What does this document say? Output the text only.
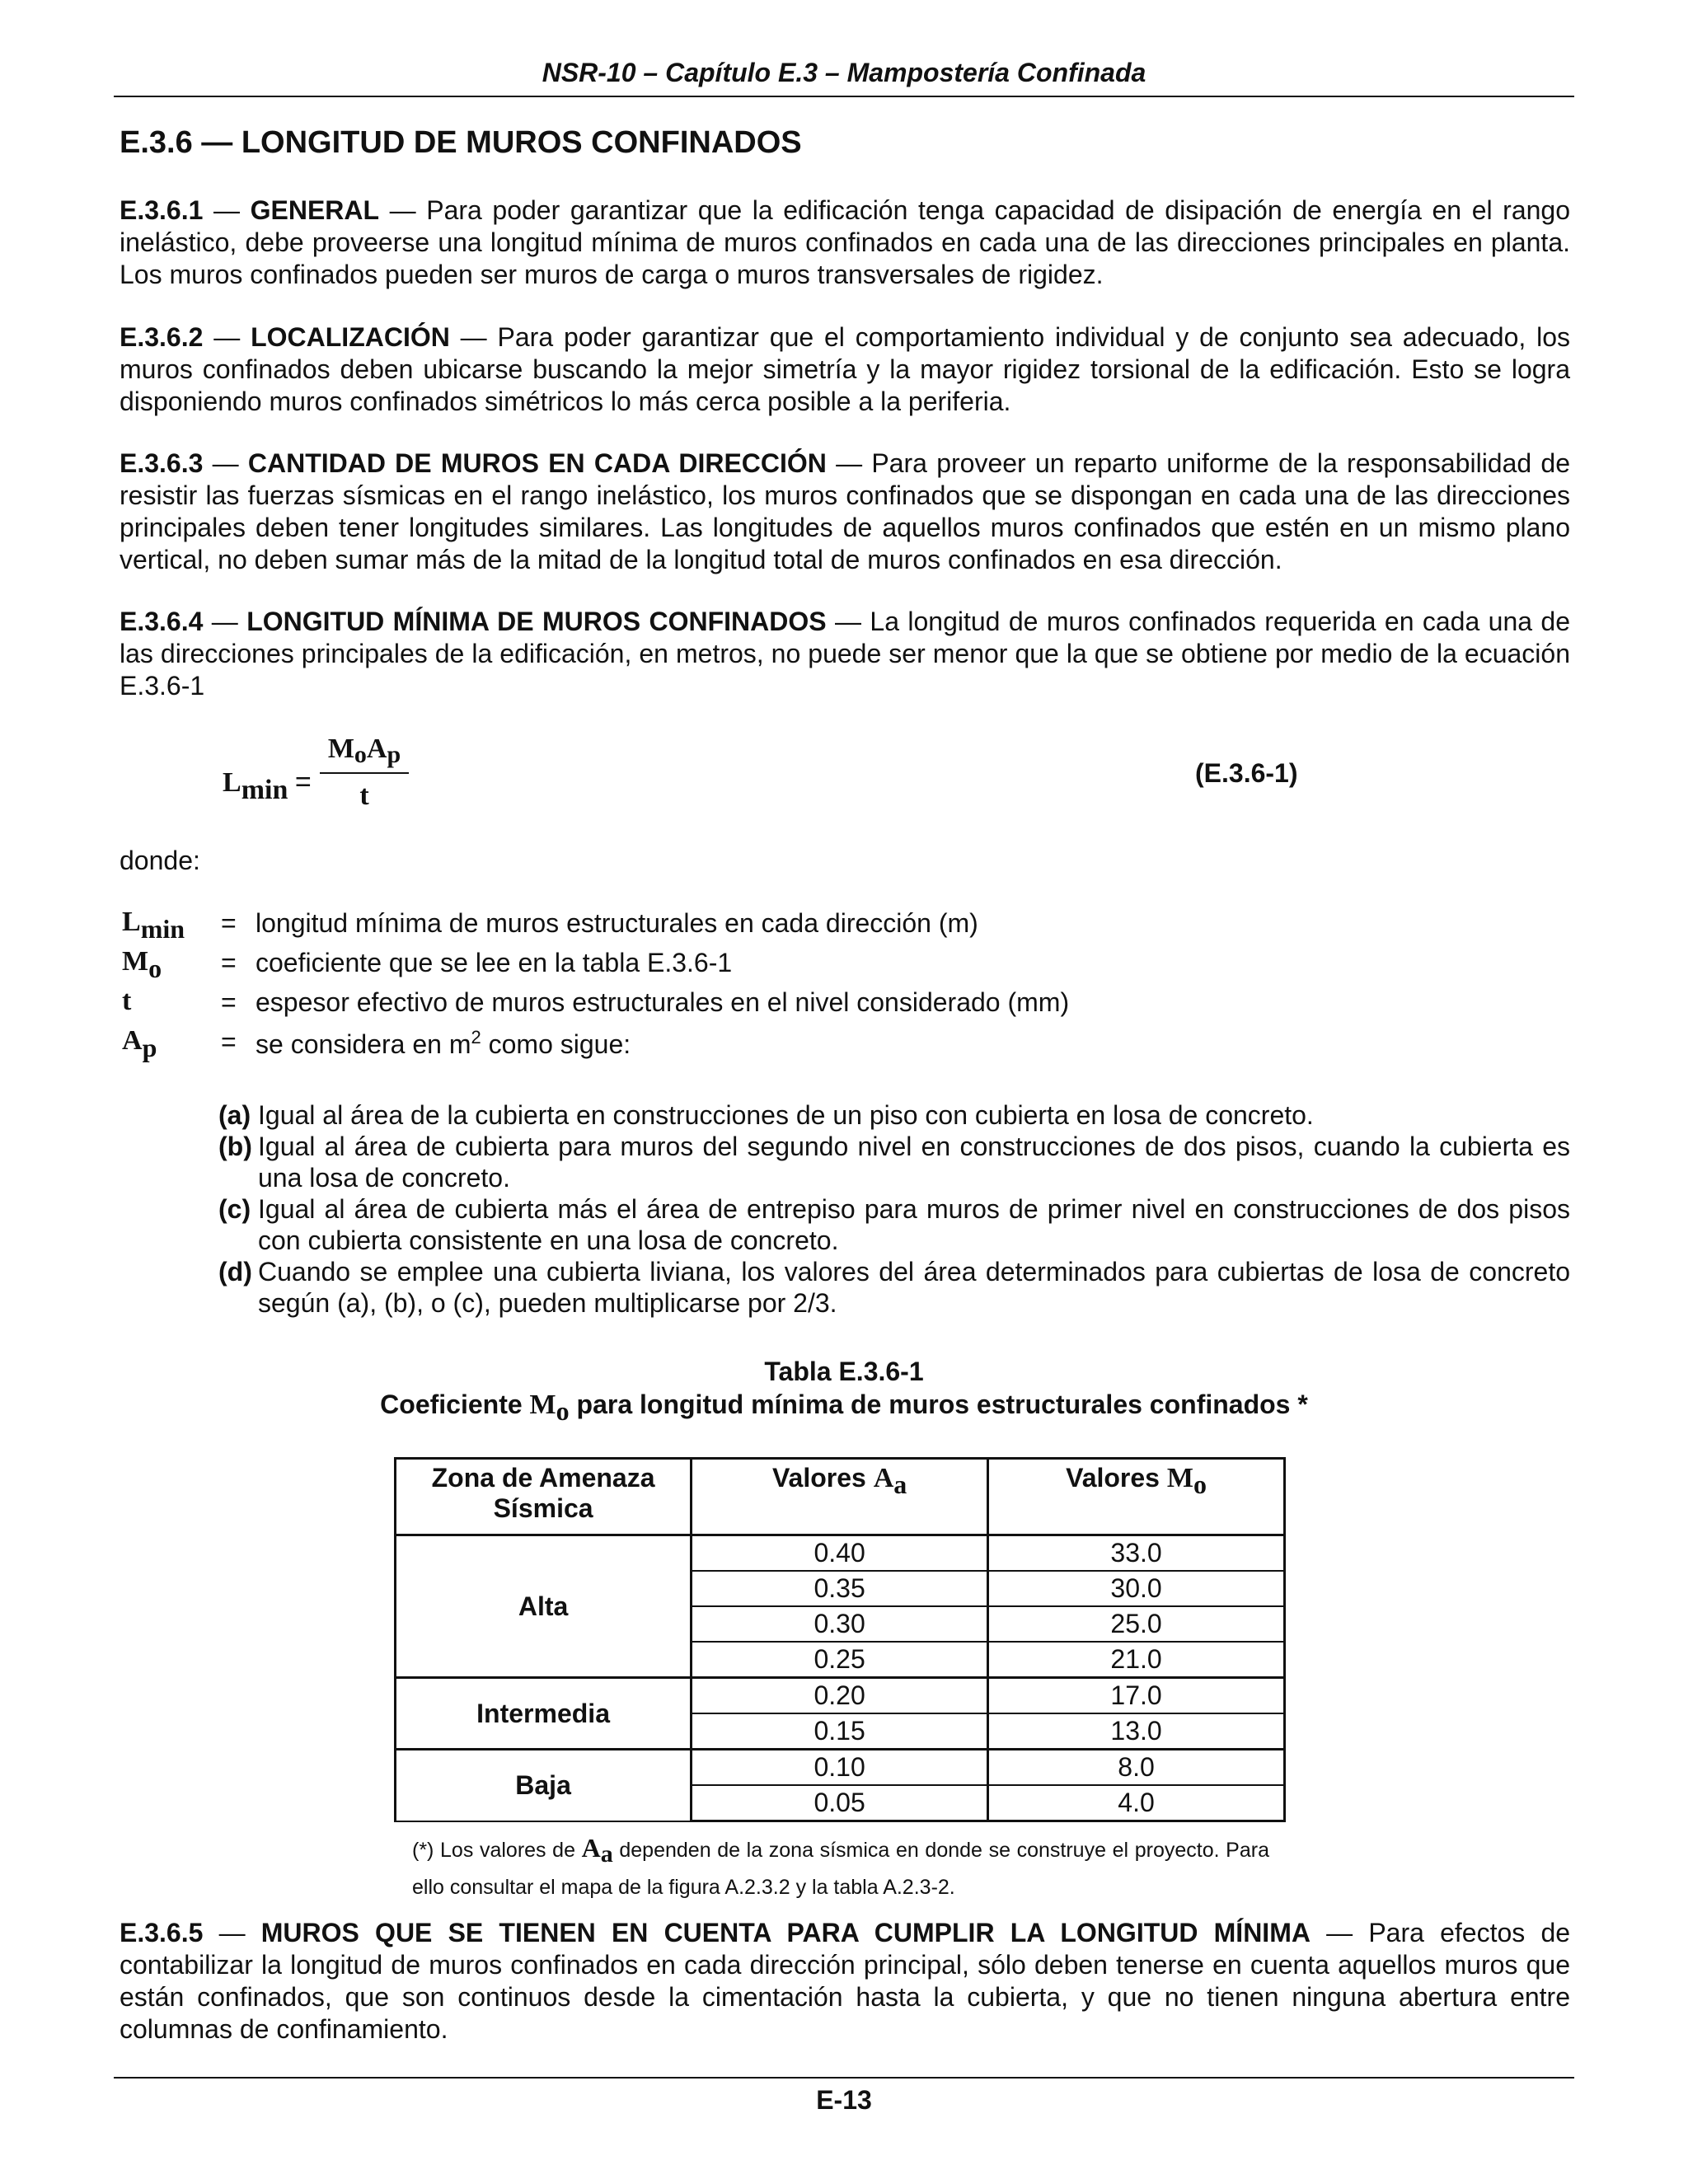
NSR-10 – Capítulo E.3 – Mampostería Confinada
E.3.6 — LONGITUD DE MUROS CONFINADOS

E.3.6.1 — GENERAL — Para poder garantizar que la edificación tenga capacidad de disipación de energía en el rango inelástico, debe proveerse una longitud mínima de muros confinados en cada una de las direcciones principales en planta. Los muros confinados pueden ser muros de carga o muros transversales de rigidez.

E.3.6.2 — LOCALIZACIÓN — Para poder garantizar que el comportamiento individual y de conjunto sea adecuado, los muros confinados deben ubicarse buscando la mejor simetría y la mayor rigidez torsional de la edificación. Esto se logra disponiendo muros confinados simétricos lo más cerca posible a la periferia.

E.3.6.3 — CANTIDAD DE MUROS EN CADA DIRECCIÓN — Para proveer un reparto uniforme de la responsabilidad de resistir las fuerzas sísmicas en el rango inelástico, los muros confinados que se dispongan en cada una de las direcciones principales deben tener longitudes similares. Las longitudes de aquellos muros confinados que estén en un mismo plano vertical, no deben sumar más de la mitad de la longitud total de muros confinados en esa dirección.

E.3.6.4 — LONGITUD MÍNIMA DE MUROS CONFINADOS — La longitud de muros confinados requerida en cada una de las direcciones principales de la edificación, en metros, no puede ser menor que la que se obtiene por medio de la ecuación E.3.6-1

$L_{min}$ =
$M_oA_p$
t
(E.3.6-1)
donde:
$L_{min}$ = longitud mínima de muros estructurales en cada dirección (m)
$M_o$ = coeficiente que se lee en la tabla E.3.6-1
t	= espesor efectivo de muros estructurales en el nivel considerado (mm)
$A_p$ = se considera en $m^2$ como sigue:
(a) Igual al área de la cubierta en construcciones de un piso con cubierta en losa de concreto.
(b) Igual al área de cubierta para muros del segundo nivel en construcciones de dos pisos, cuando la cubierta es una losa de concreto.
(c) Igual al área de cubierta más el área de entrepiso para muros de primer nivel en construcciones de dos pisos con cubierta consistente en una losa de concreto.
(d) Cuando se emplee una cubierta liviana, los valores del área determinados para cubiertas de losa de concreto según (a), (b), o (c), pueden multiplicarse por 2/3.
Tabla E.3.6-1
Coeficiente $M_o$ para longitud mínima de muros estructurales confinados *
Zona de Amenaza Sísmica	Valores $A_a$	Valores $M_o$
Alta	0.40	33.0
	0.35	30.0
	0.30	25.0
	0.25	21.0
Intermedia	0.20	17.0
	0.15	13.0
Baja	0.10	8.0
	0.05	4.0
(*) Los valores de $A_a$ dependen de la zona sísmica en donde se construye el proyecto. Para ello consultar el mapa de la figura A.2.3.2 y la tabla A.2.3-2.

E.3.6.5 — MUROS QUE SE TIENEN EN CUENTA PARA CUMPLIR LA LONGITUD MÍNIMA — Para efectos de contabilizar la longitud de muros confinados en cada dirección principal, sólo deben tenerse en cuenta aquellos muros que están confinados, que son continuos desde la cimentación hasta la cubierta, y que no tienen ninguna abertura entre columnas de confinamiento.

E-13
